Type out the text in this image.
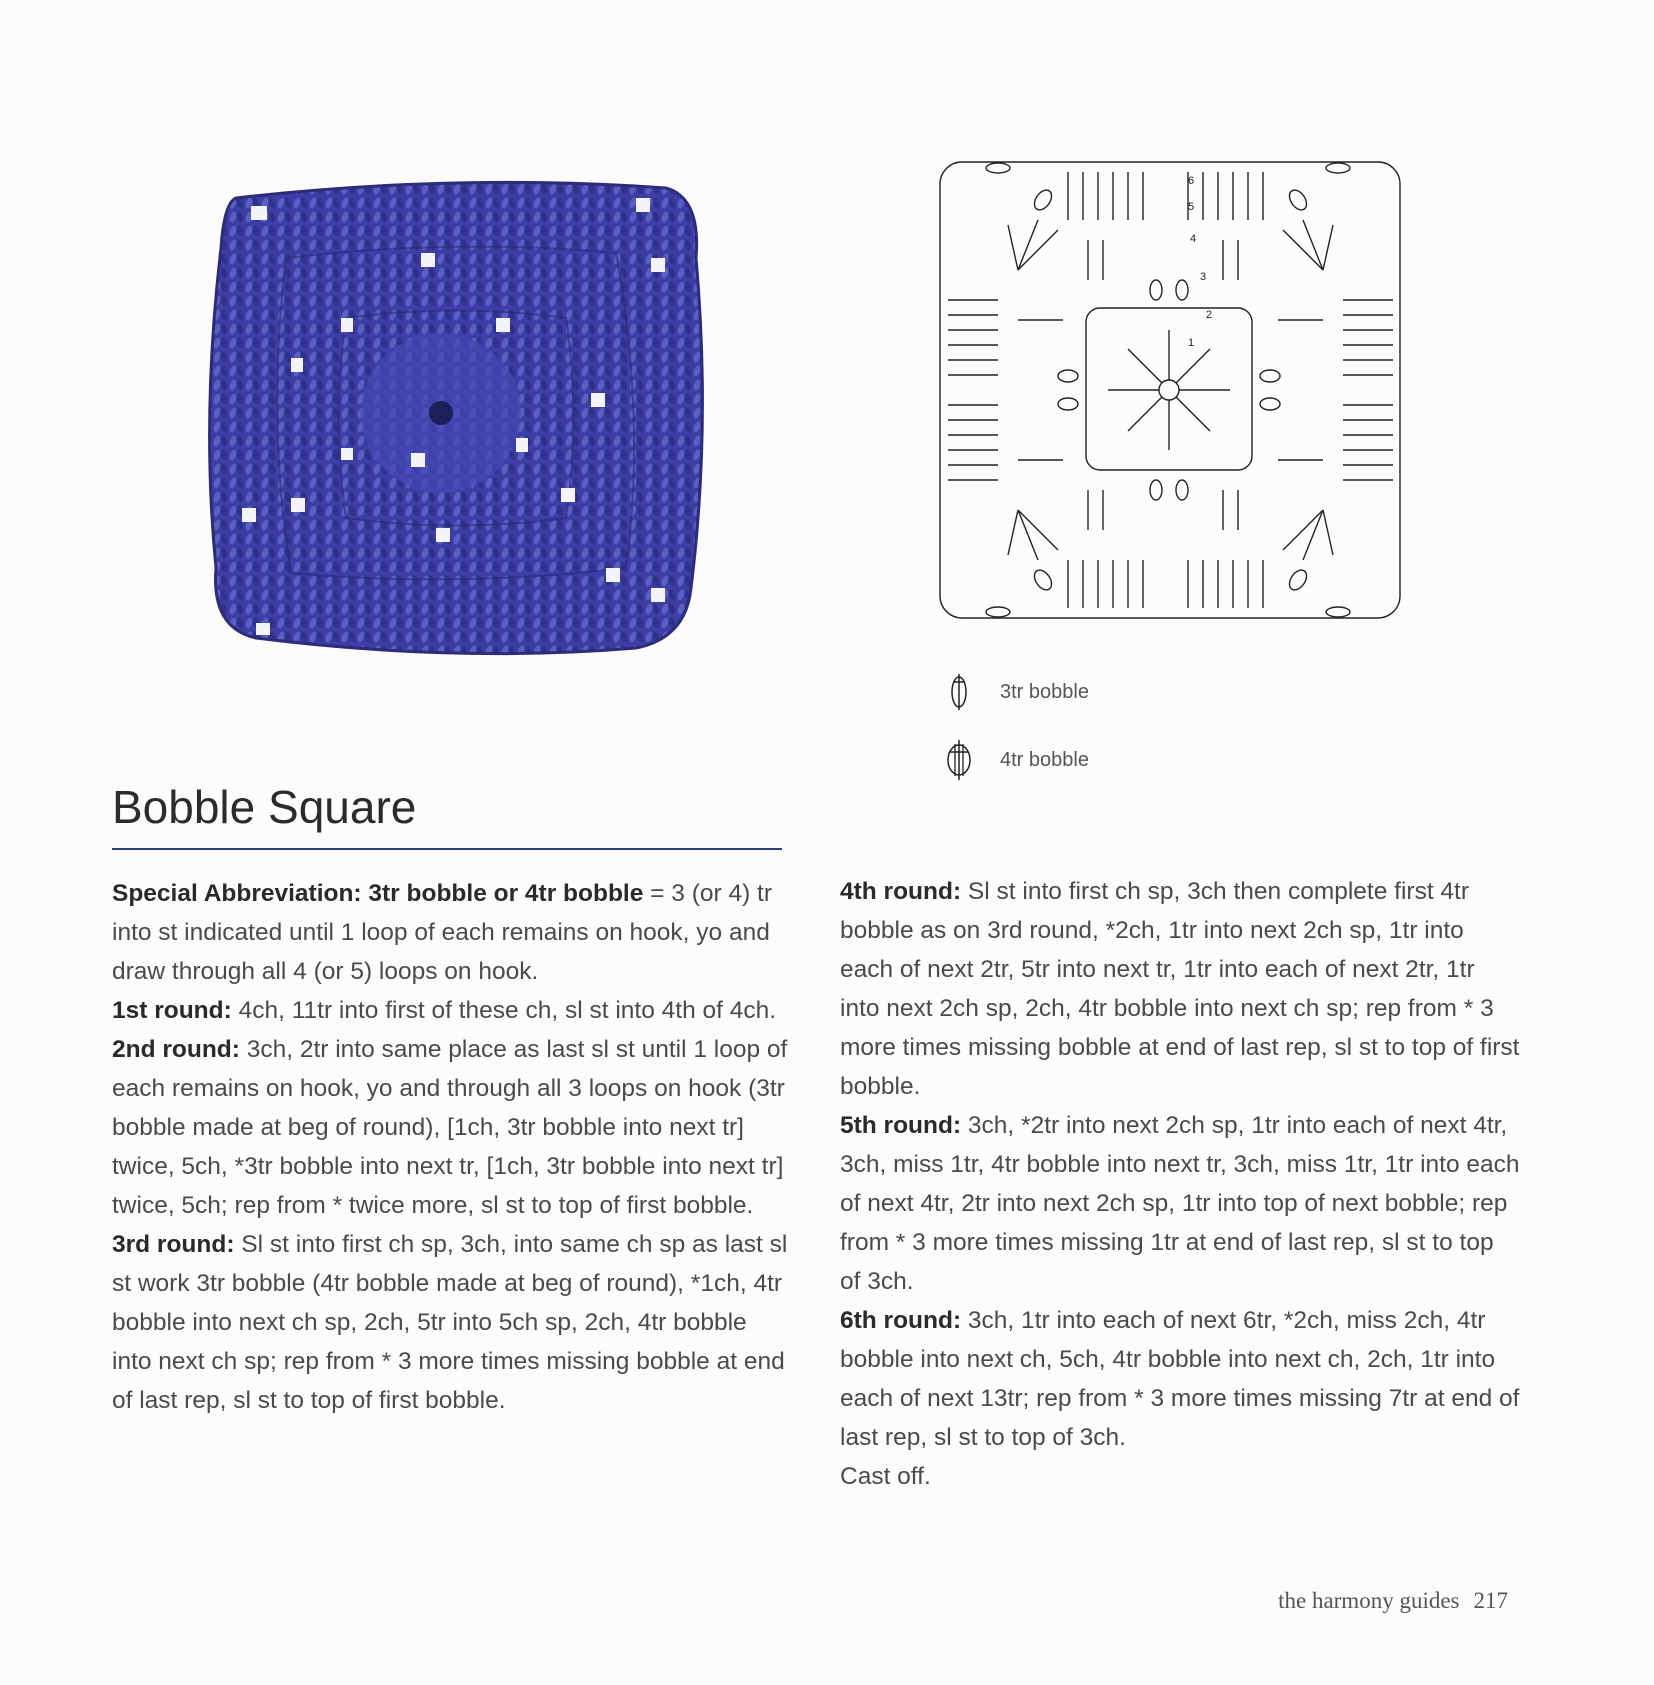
1
2
3
4
5
6
3tr bobble
4tr bobble
Bobble Square

Special Abbreviation: 3tr bobble or 4tr bobble = 3 (or 4) tr into st indicated until 1 loop of each remains on hook, yo and draw through all 4 (or 5) loops on hook.

1st round: 4ch, 11tr into first of these ch, sl st into 4th of 4ch.

2nd round: 3ch, 2tr into same place as last sl st until 1 loop of each remains on hook, yo and through all 3 loops on hook (3tr bobble made at beg of round), [1ch, 3tr bobble into next tr] twice, 5ch, *3tr bobble into next tr, [1ch, 3tr bobble into next tr] twice, 5ch; rep from * twice more, sl st to top of first bobble.

3rd round: Sl st into first ch sp, 3ch, into same ch sp as last sl st work 3tr bobble (4tr bobble made at beg of round), *1ch, 4tr bobble into next ch sp, 2ch, 5tr into 5ch sp, 2ch, 4tr bobble into next ch sp; rep from * 3 more times missing bobble at end of last rep, sl st to top of first bobble.

4th round: Sl st into first ch sp, 3ch then complete first 4tr bobble as on 3rd round, *2ch, 1tr into next 2ch sp, 1tr into each of next 2tr, 5tr into next tr, 1tr into each of next 2tr, 1tr into next 2ch sp, 2ch, 4tr bobble into next ch sp; rep from * 3 more times missing bobble at end of last rep, sl st to top of first bobble.

5th round: 3ch, *2tr into next 2ch sp, 1tr into each of next 4tr, 3ch, miss 1tr, 4tr bobble into next tr, 3ch, miss 1tr, 1tr into each of next 4tr, 2tr into next 2ch sp, 1tr into top of next bobble; rep from * 3 more times missing 1tr at end of last rep, sl st to top of 3ch.

6th round: 3ch, 1tr into each of next 6tr, *2ch, miss 2ch, 4tr bobble into next ch, 5ch, 4tr bobble into next ch, 2ch, 1tr into each of next 13tr; rep from * 3 more times missing 7tr at end of last rep, sl st to top of 3ch.

Cast off.

the harmony guides 217
